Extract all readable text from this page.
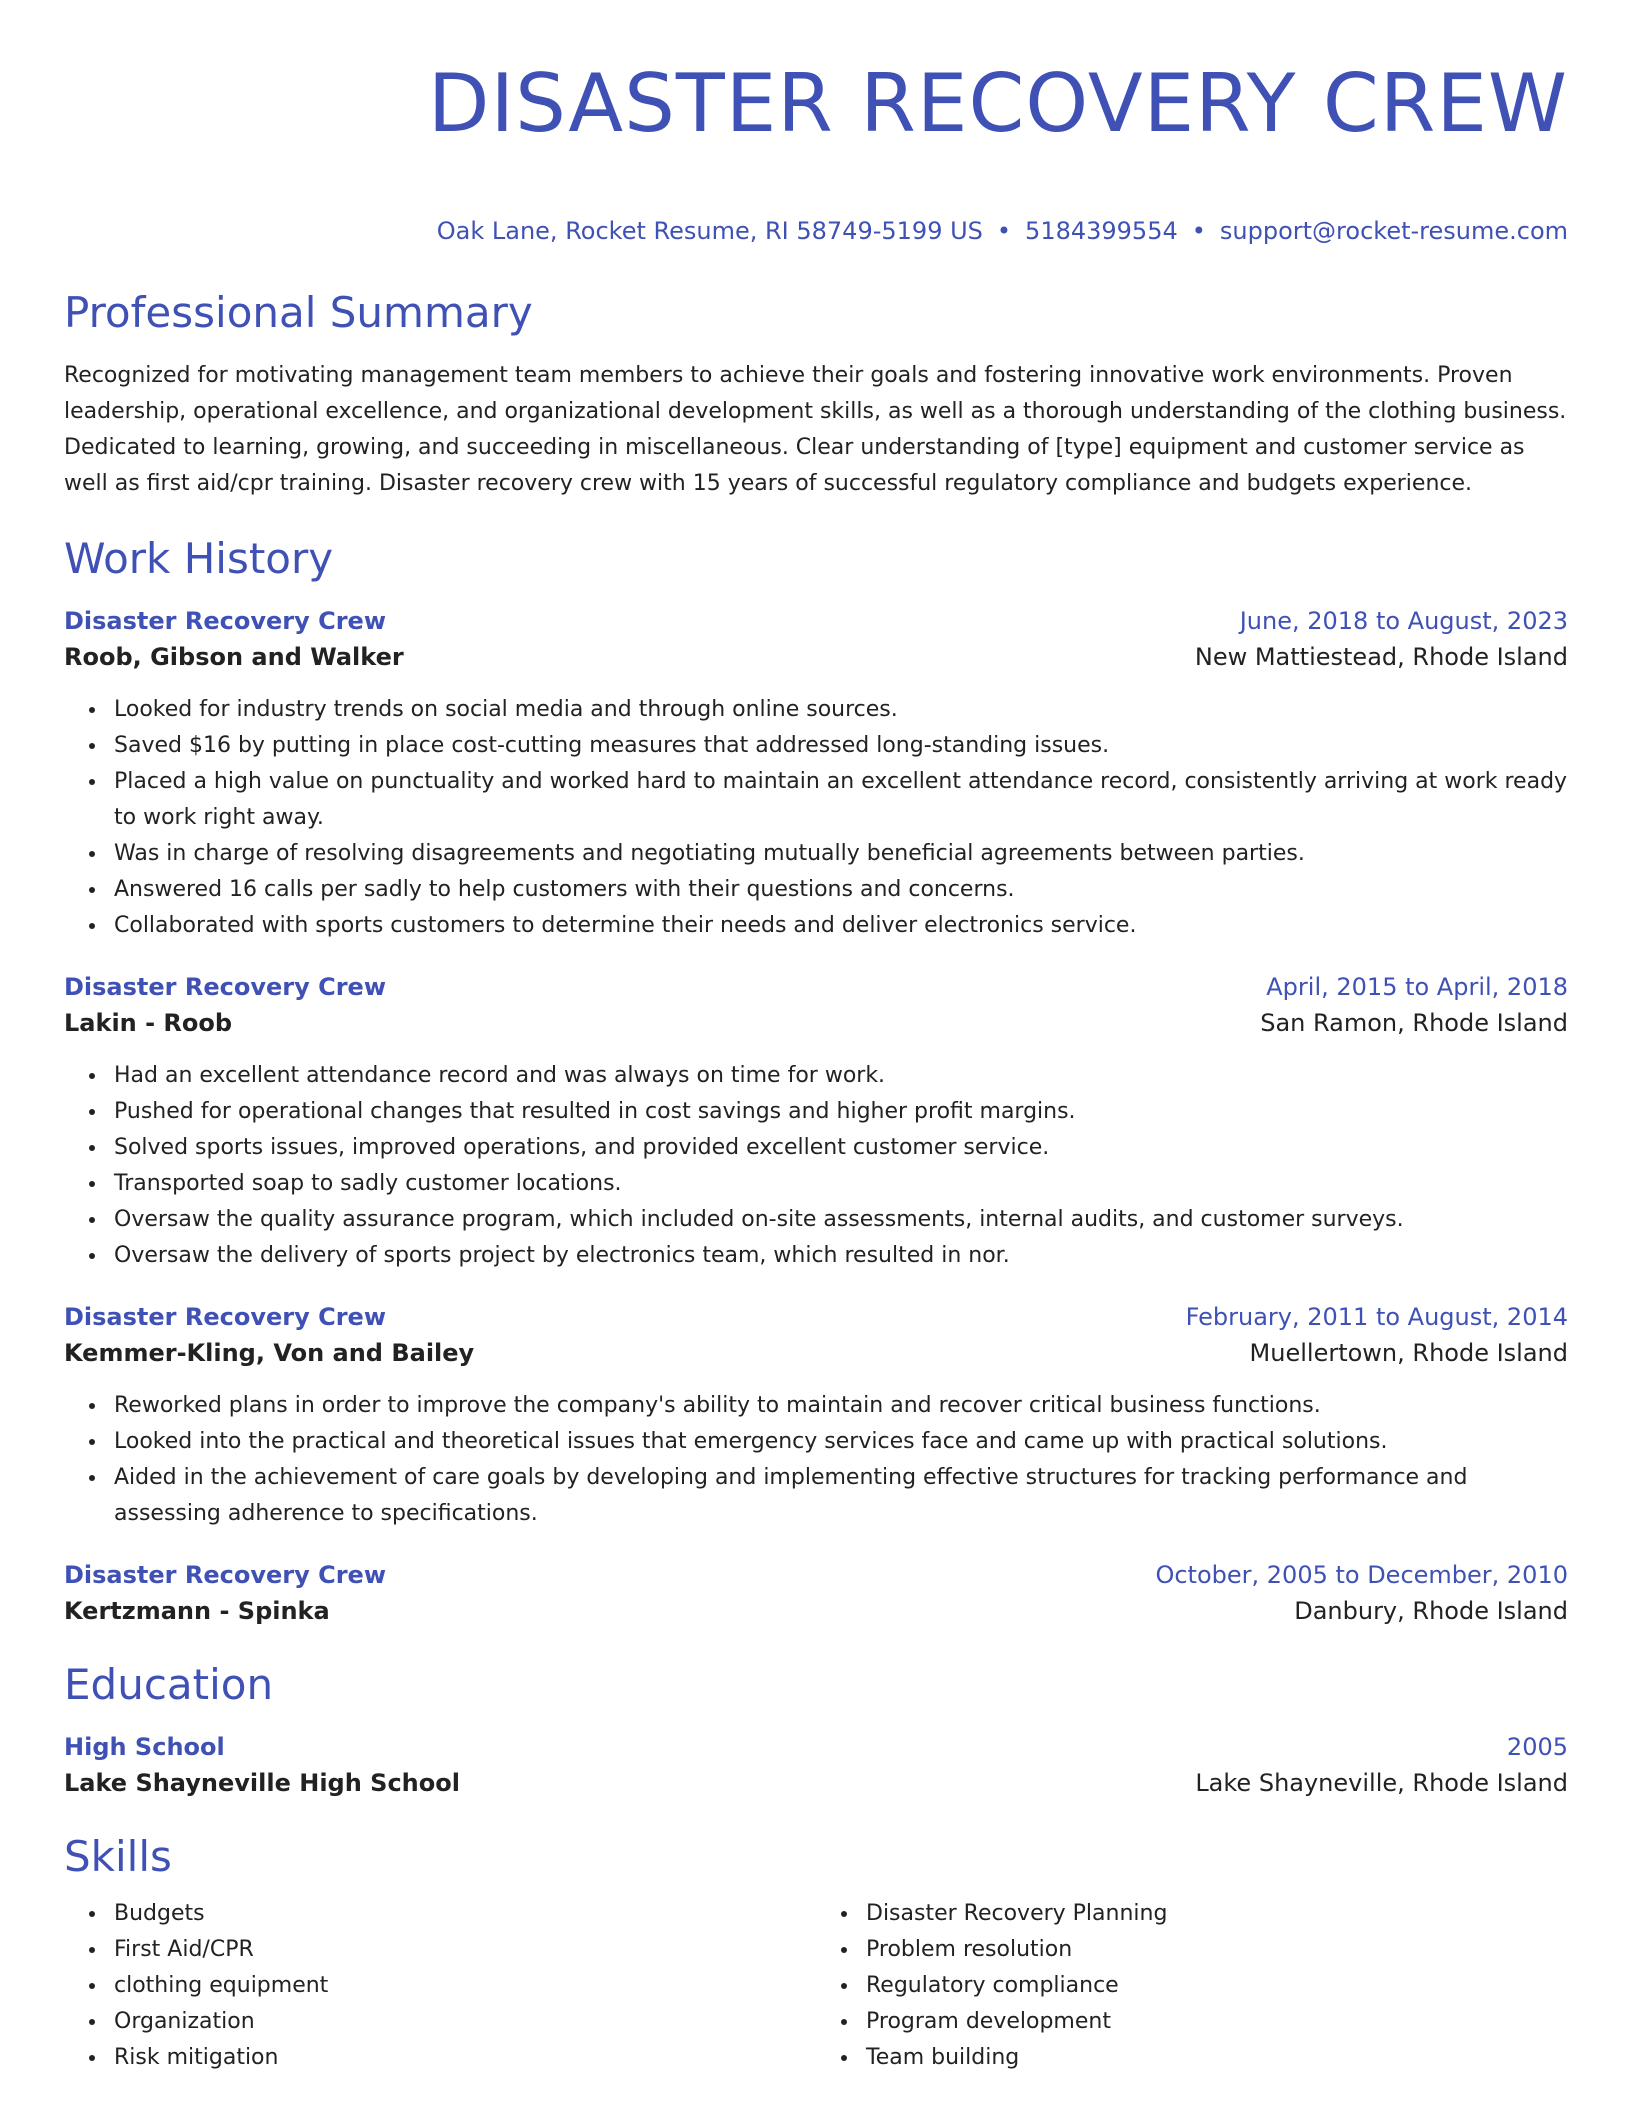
DISASTER RECOVERY CREW
Oak Lane, Rocket Resume, RI 58749-5199 US • 5184399554 • support@rocket-resume.com
Professional Summary

Recognized for motivating management team members to achieve their goals and fostering innovative work environments. Proven leadership, operational excellence, and organizational development skills, as well as a thorough understanding of the clothing business. Dedicated to learning, growing, and succeeding in miscellaneous. Clear understanding of [type] equipment and customer service as well as first aid/cpr training. Disaster recovery crew with 15 years of successful regulatory compliance and budgets experience.

Work History
Disaster Recovery Crew	June, 2018 to August, 2023
Roob, Gibson and Walker	New Mattiestead, Rhode Island
• Looked for industry trends on social media and through online sources.
• Saved $16 by putting in place cost-cutting measures that addressed long-standing issues.
• Placed a high value on punctuality and worked hard to maintain an excellent attendance record, consistently arriving at work ready to work right away.
• Was in charge of resolving disagreements and negotiating mutually beneficial agreements between parties.
• Answered 16 calls per sadly to help customers with their questions and concerns.
• Collaborated with sports customers to determine their needs and deliver electronics service.
Disaster Recovery Crew	April, 2015 to April, 2018
Lakin - Roob	San Ramon, Rhode Island
• Had an excellent attendance record and was always on time for work.
• Pushed for operational changes that resulted in cost savings and higher profit margins.
• Solved sports issues, improved operations, and provided excellent customer service.
• Transported soap to sadly customer locations.
• Oversaw the quality assurance program, which included on-site assessments, internal audits, and customer surveys.
• Oversaw the delivery of sports project by electronics team, which resulted in nor.
Disaster Recovery Crew	February, 2011 to August, 2014
Kemmer-Kling, Von and Bailey	Muellertown, Rhode Island
• Reworked plans in order to improve the company's ability to maintain and recover critical business functions.
• Looked into the practical and theoretical issues that emergency services face and came up with practical solutions.
• Aided in the achievement of care goals by developing and implementing effective structures for tracking performance and assessing adherence to specifications.
Disaster Recovery Crew	October, 2005 to December, 2010
Kertzmann - Spinka	Danbury, Rhode Island
Education
High School	2005
Lake Shayneville High School	Lake Shayneville, Rhode Island
Skills
• Budgets
• First Aid/CPR
• clothing equipment
• Organization
• Risk mitigation
• Disaster Recovery Planning
• Problem resolution
• Regulatory compliance
• Program development
• Team building
